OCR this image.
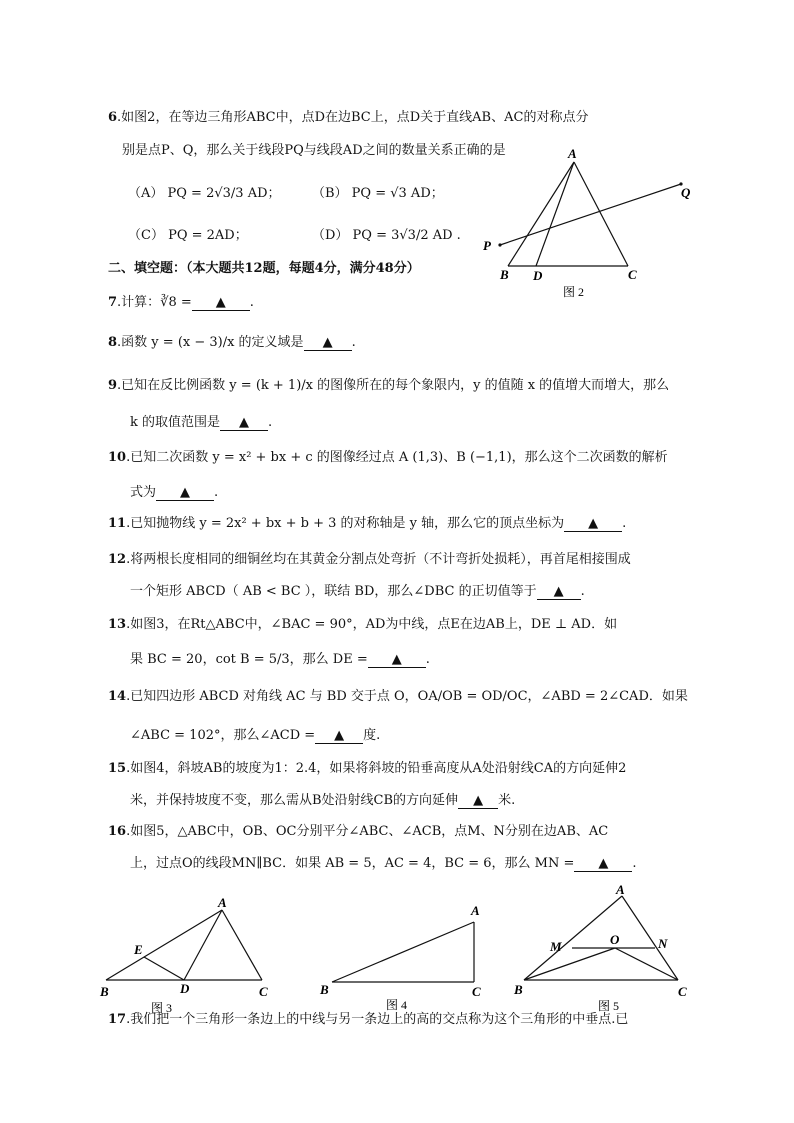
6.如图2，在等边三角形ABC中，点D在边BC上，点D关于直线AB、AC的对称点分
别是点P、Q，那么关于线段PQ与线段AD之间的数量关系正确的是
（A） PQ = 2√3/3 AD； （B） PQ = √3 AD；
（C） PQ = 2AD；	（D） PQ = 3√3/2 AD .
A
B	C
D
P
Q
图 2
二、填空题：（本大题共12题，每题4分，满分48分）
7.计算：∛8 = ▲ .
8.函数 y = (x − 3)/x 的定义域是 ▲ .
9.已知在反比例函数 y = (k + 1)/x 的图像所在的每个象限内，y 的值随 x 的值增大而增大，那么
k 的取值范围是 ▲ .
10.已知二次函数 y = x² + bx + c 的图像经过点 A (1,3)、B (−1,1)，那么这个二次函数的解析
式为 ▲ .
11.已知抛物线 y = 2x² + bx + b + 3 的对称轴是 y 轴，那么它的顶点坐标为 ▲ .
12.将两根长度相同的细铜丝均在其黄金分割点处弯折（不计弯折处损耗），再首尾相接围成
一个矩形 ABCD（ AB < BC ），联结 BD，那么∠DBC 的正切值等于 ▲ .
13.如图3，在Rt△ABC中，∠BAC = 90°，AD为中线，点E在边AB上，DE ⊥ AD．如
果 BC = 20，cot B = 5/3，那么 DE = ▲ .
14.已知四边形 ABCD 对角线 AC 与 BD 交于点 O，OA/OB = OD/OC，∠ABD = 2∠CAD．如果
∠ABC = 102°，那么∠ACD = ▲ 度.
15.如图4，斜坡AB的坡度为1：2.4，如果将斜坡的铅垂高度从A处沿射线CA的方向延伸2
米，并保持坡度不变，那么需从B处沿射线CB的方向延伸 ▲ 米.
16.如图5，△ABC中，OB、OC分别平分∠ABC、∠ACB，点M、N分别在边AB、AC
上，过点O的线段MN∥BC．如果 AB = 5，AC = 4，BC = 6，那么 MN = ▲ .
A
B	C
D
E
图 3
A
B	C
图 4
A
B	C
M	N
O
图 5
17.我们把一个三角形一条边上的中线与另一条边上的高的交点称为这个三角形的中垂点.已
